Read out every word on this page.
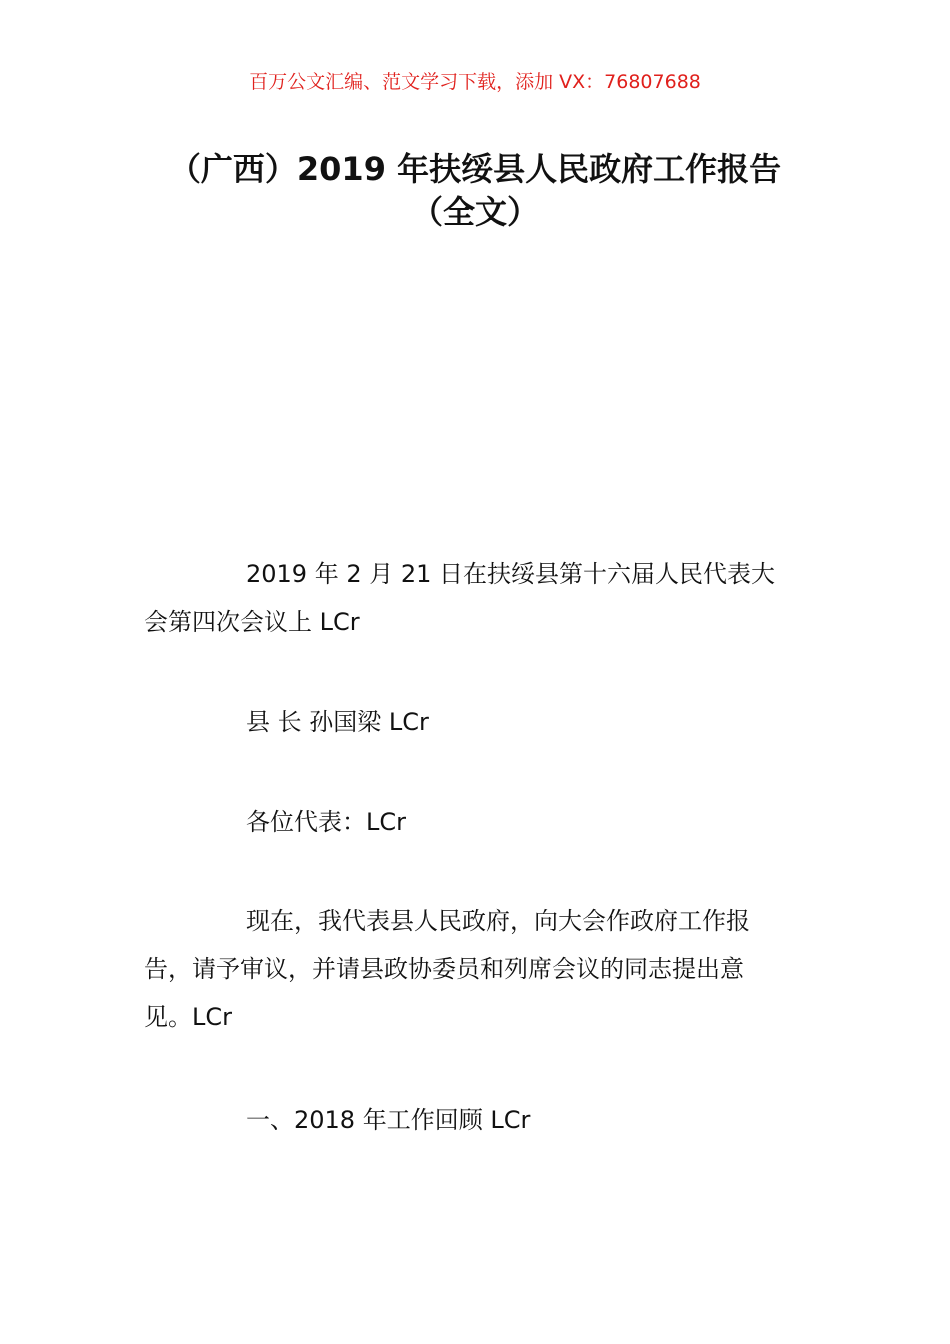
百万公文汇编、范文学习下载，添加 VX：76807688
（广西）2019 年扶绥县人民政府工作报告
（全文）

2019 年 2 月 21 日在扶绥县第十六届人民代表大
会第四次会议上 LCr

县 长 孙国梁 LCr

各位代表：LCr

现在，我代表县人民政府，向大会作政府工作报
告，请予审议，并请县政协委员和列席会议的同志提出意
见。LCr

一、2018 年工作回顾 LCr
